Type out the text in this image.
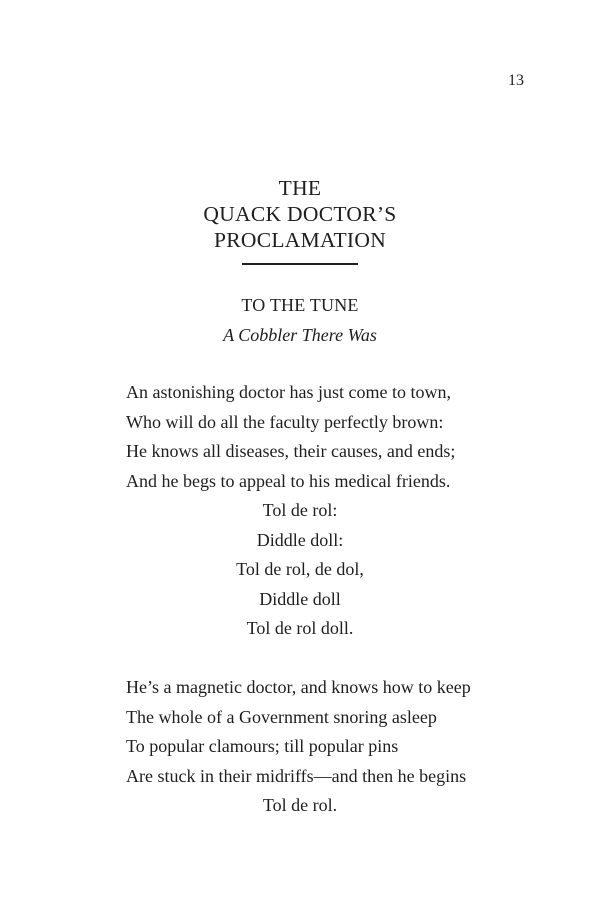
13
THE
QUACK DOCTOR’S
PROCLAMATION
TO THE TUNE
A Cobbler There Was
An astonishing doctor has just come to town,
Who will do all the faculty perfectly brown:
He knows all diseases, their causes, and ends;
And he begs to appeal to his medical friends.
Tol de rol:
Diddle doll:
Tol de rol, de dol,
Diddle doll
Tol de rol doll.
He’s a magnetic doctor, and knows how to keep
The whole of a Government snoring asleep
To popular clamours; till popular pins
Are stuck in their midriffs—and then he begins
Tol de rol.
